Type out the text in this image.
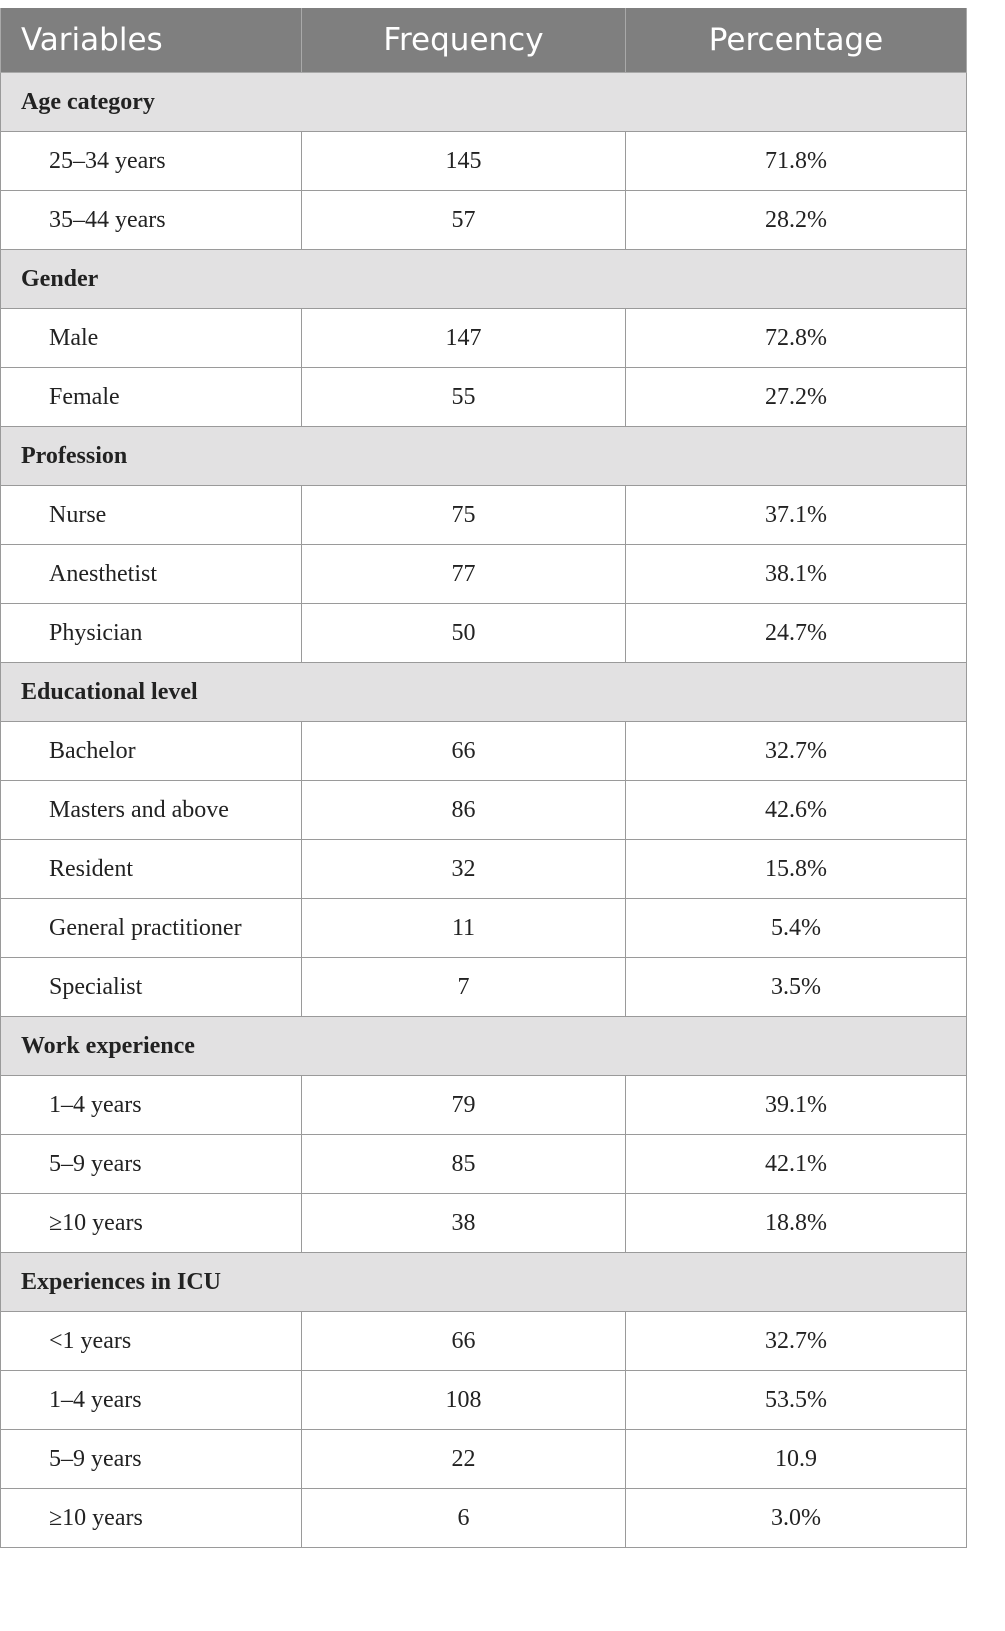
Variables	Frequency	Percentage
Age category		
25–34 years	145	71.8%
35–44 years	57	28.2%
Gender		
Male	147	72.8%
Female	55	27.2%
Profession		
Nurse	75	37.1%
Anesthetist	77	38.1%
Physician	50	24.7%
Educational level		
Bachelor	66	32.7%
Masters and above	86	42.6%
Resident	32	15.8%
General practitioner	11	5.4%
Specialist	7	3.5%
Work experience		
1–4 years	79	39.1%
5–9 years	85	42.1%
≥10 years	38	18.8%
Experiences in ICU		
<1 years	66	32.7%
1–4 years	108	53.5%
5–9 years	22	10.9
≥10 years	6	3.0%
